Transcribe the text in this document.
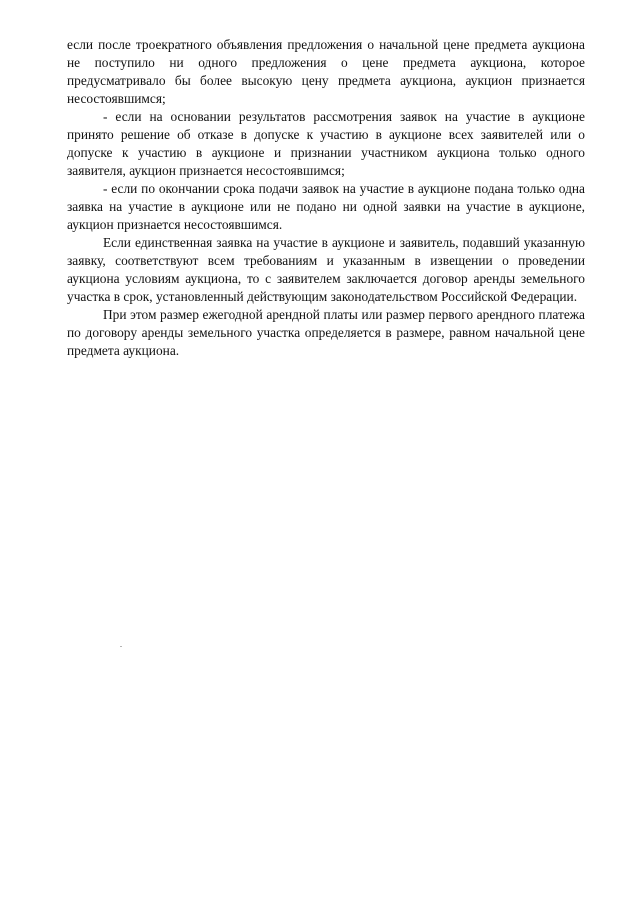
если после троекратного объявления предложения о начальной цене предмета аукциона не поступило ни одного предложения о цене предмета аукциона, которое предусматривало бы более высокую цену предмета аукциона, аукцион признается несостоявшимся;

- если на основании результатов рассмотрения заявок на участие в аукционе принято решение об отказе в допуске к участию в аукционе всех заявителей или о допуске к участию в аукционе и признании участником аукциона только одного заявителя, аукцион признается несостоявшимся;

- если по окончании срока подачи заявок на участие в аукционе подана только одна заявка на участие в аукционе или не подано ни одной заявки на участие в аукционе, аукцион признается несостоявшимся.

Если единственная заявка на участие в аукционе и заявитель, подавший указанную заявку, соответствуют всем требованиям и указанным в извещении о проведении аукциона условиям аукциона, то с заявителем заключается договор аренды земельного участка в срок, установленный действующим законодательством Российской Федерации.

При этом размер ежегодной арендной платы или размер первого арендного платежа по договору аренды земельного участка определяется в размере, равном начальной цене предмета аукциона.
